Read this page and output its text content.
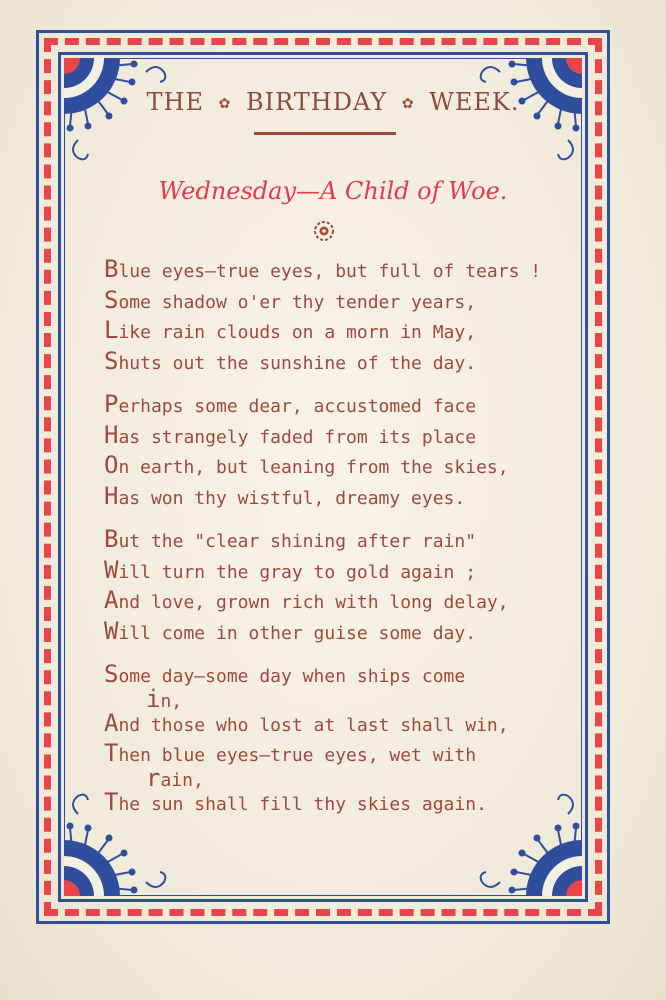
THE ✿ BIRTHDAY ✿ WEEK.
Wednesday—A Child of Woe.
Blue eyes—true eyes, but full of tears !
Some shadow o'er thy tender years,
Like rain clouds on a morn in May,
Shuts out the sunshine of the day.
Perhaps some dear, accustomed face
Has strangely faded from its place
On earth, but leaning from the skies,
Has won thy wistful, dreamy eyes.
But the "clear shining after rain"
Will turn the gray to gold again ;
And love, grown rich with long delay,
Will come in other guise some day.
Some day—some day when ships come
in,
And those who lost at last shall win,
Then blue eyes—true eyes, wet with
rain,
The sun shall fill thy skies again.
